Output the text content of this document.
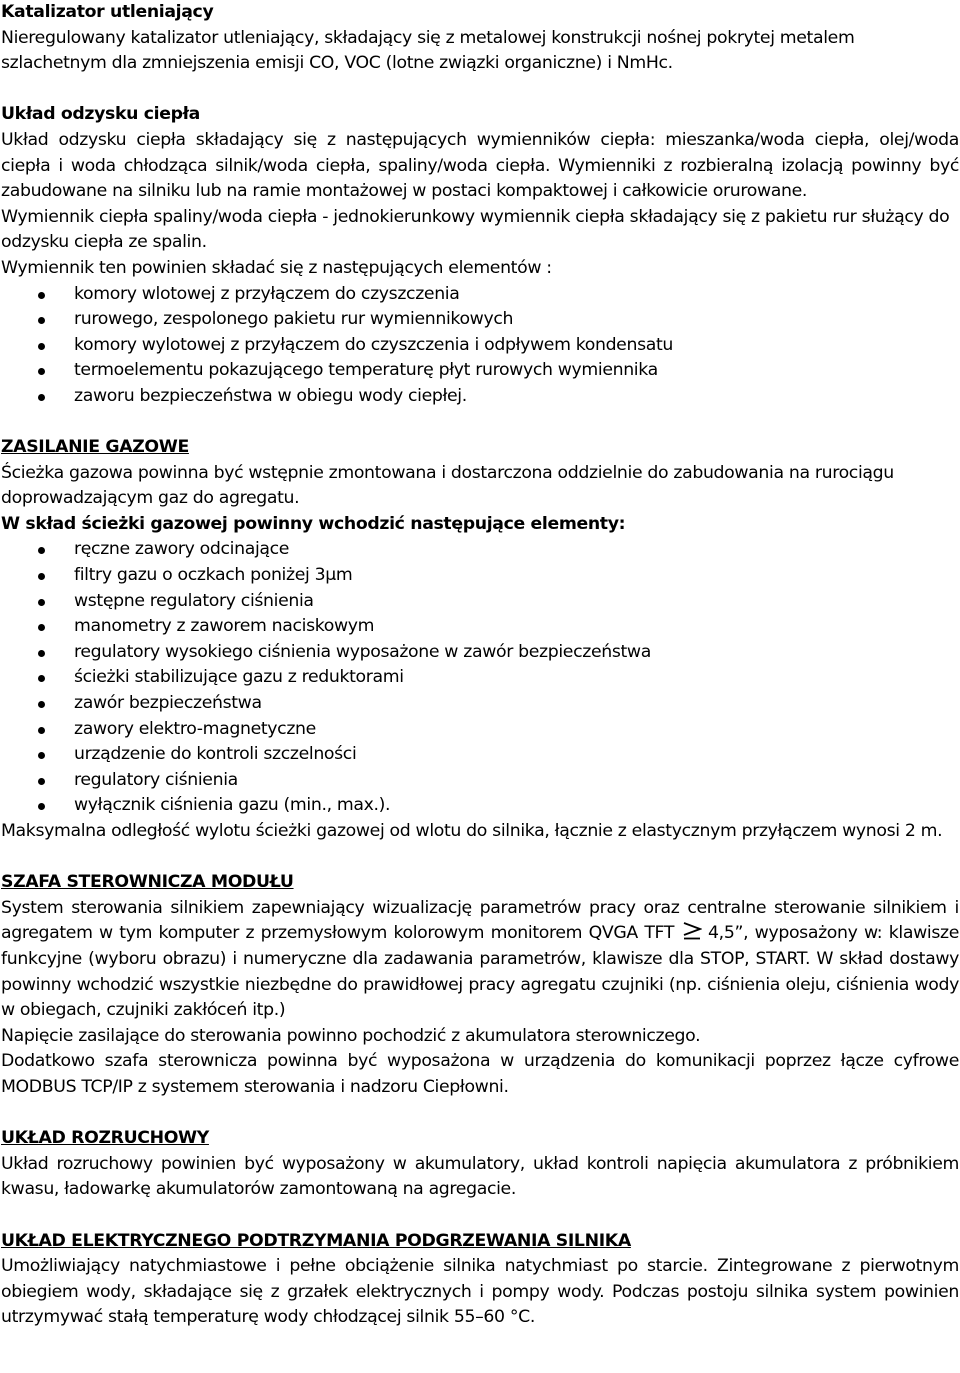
Katalizator utleniający

Nieregulowany katalizator utleniający, składający się z metalowej konstrukcji nośnej pokrytej metalem szlachetnym dla zmniejszenia emisji CO, VOC (lotne związki organiczne) i NmHc.

Układ odzysku ciepła

Układ odzysku ciepła składający się z następujących wymienników ciepła: mieszanka/woda ciepła, olej/woda ciepła i woda chłodząca silnik/woda ciepła, spaliny/woda ciepła. Wymienniki z rozbieralną izolacją powinny być zabudowane na silniku lub na ramie montażowej w postaci kompaktowej i całkowicie orurowane.

Wymiennik ciepła spaliny/woda ciepła - jednokierunkowy wymiennik ciepła składający się z pakietu rur służący do odzysku ciepła ze spalin.

Wymiennik ten powinien składać się z następujących elementów :

komory wlotowej z przyłączem do czyszczenia
rurowego, zespolonego pakietu rur wymiennikowych
komory wylotowej z przyłączem do czyszczenia i odpływem kondensatu
termoelementu pokazującego temperaturę płyt rurowych wymiennika
zaworu bezpieczeństwa w obiegu wody ciepłej.

ZASILANIE GAZOWE

Ścieżka gazowa powinna być wstępnie zmontowana i dostarczona oddzielnie do zabudowania na rurociągu doprowadzającym gaz do agregatu.

W skład ścieżki gazowej powinny wchodzić następujące elementy:

ręczne zawory odcinające
filtry gazu o oczkach poniżej 3μm
wstępne regulatory ciśnienia
manometry z zaworem naciskowym
regulatory wysokiego ciśnienia wyposażone w zawór bezpieczeństwa
ścieżki stabilizujące gazu z reduktorami
zawór bezpieczeństwa
zawory elektro-magnetyczne
urządzenie do kontroli szczelności
regulatory ciśnienia
wyłącznik ciśnienia gazu (min., max.).

Maksymalna odległość wylotu ścieżki gazowej od wlotu do silnika, łącznie z elastycznym przyłączem wynosi 2 m.

SZAFA STEROWNICZA MODUŁU

System sterowania silnikiem zapewniający wizualizację parametrów pracy oraz centralne sterowanie silnikiem i agregatem w tym komputer z przemysłowym kolorowym monitorem QVGA TFT 4,5”, wyposażony w: klawisze funkcyjne (wyboru obrazu) i numeryczne dla zadawania parametrów, klawisze dla STOP, START. W skład dostawy powinny wchodzić wszystkie niezbędne do prawidłowej pracy agregatu czujniki (np. ciśnienia oleju, ciśnienia wody w obiegach, czujniki zakłóceń itp.)

Napięcie zasilające do sterowania powinno pochodzić z akumulatora sterowniczego.

Dodatkowo szafa sterownicza powinna być wyposażona w urządzenia do komunikacji poprzez łącze cyfrowe MODBUS TCP/IP z systemem sterowania i nadzoru Ciepłowni.

UKŁAD ROZRUCHOWY

Układ rozruchowy powinien być wyposażony w akumulatory, układ kontroli napięcia akumulatora z próbnikiem kwasu, ładowarkę akumulatorów zamontowaną na agregacie.

UKŁAD ELEKTRYCZNEGO PODTRZYMANIA PODGRZEWANIA SILNIKA

Umożliwiający natychmiastowe i pełne obciążenie silnika natychmiast po starcie. Zintegrowane z pierwotnym obiegiem wody, składające się z grzałek elektrycznych i pompy wody. Podczas postoju silnika system powinien utrzymywać stałą temperaturę wody chłodzącej silnik 55–60 °C.
